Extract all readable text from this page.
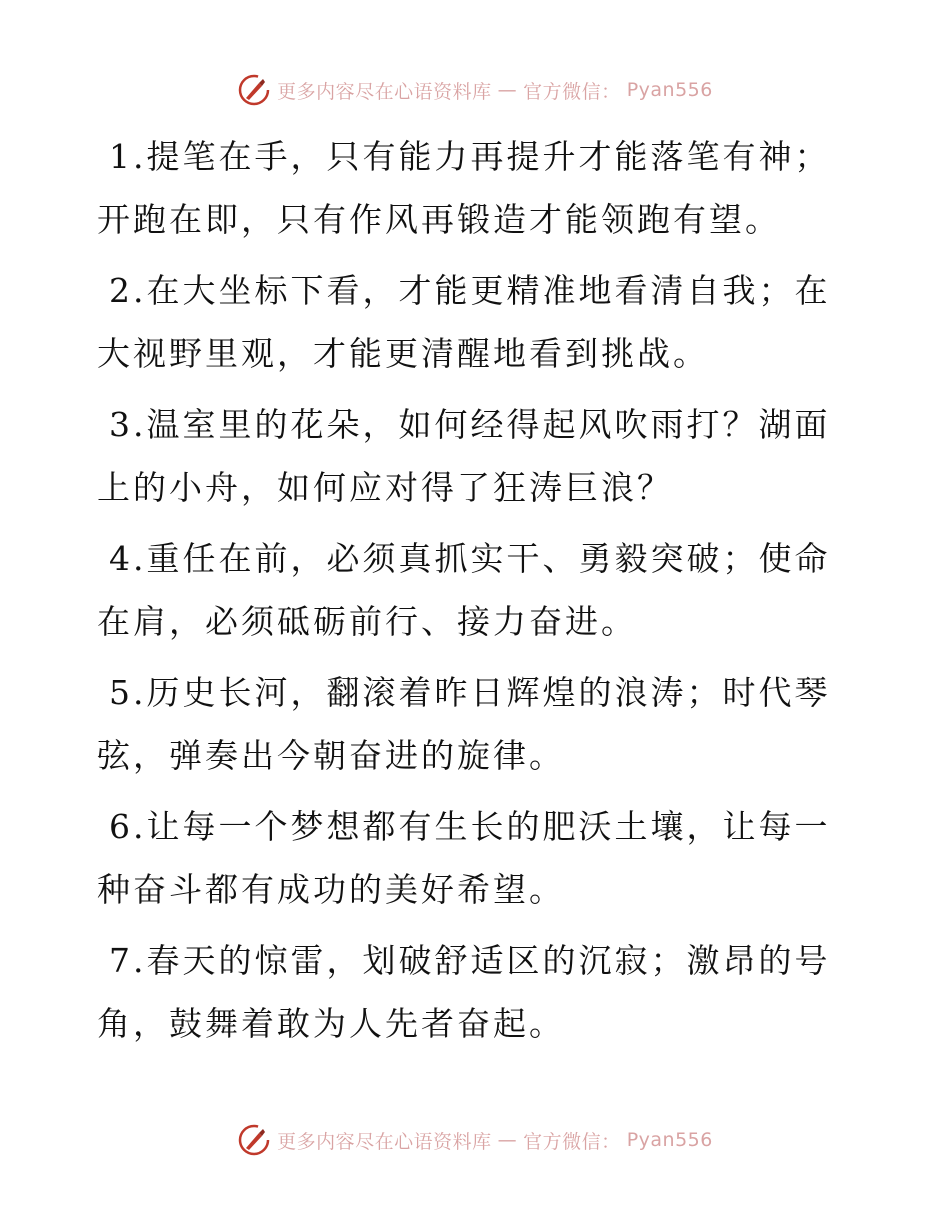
更多内容尽在心语资料库 — 官方微信： Pyan556

1.提笔在手，只有能力再提升才能落笔有神；开跑在即，只有作风再锻造才能领跑有望。

2.在大坐标下看，才能更精准地看清自我；在大视野里观，才能更清醒地看到挑战。

3.温室里的花朵，如何经得起风吹雨打？湖面上的小舟，如何应对得了狂涛巨浪？

4.重任在前，必须真抓实干、勇毅突破；使命在肩，必须砥砺前行、接力奋进。

5.历史长河，翻滚着昨日辉煌的浪涛；时代琴弦，弹奏出今朝奋进的旋律。

6.让每一个梦想都有生长的肥沃土壤，让每一种奋斗都有成功的美好希望。

7.春天的惊雷，划破舒适区的沉寂；激昂的号角，鼓舞着敢为人先者奋起。

更多内容尽在心语资料库 — 官方微信： Pyan556
